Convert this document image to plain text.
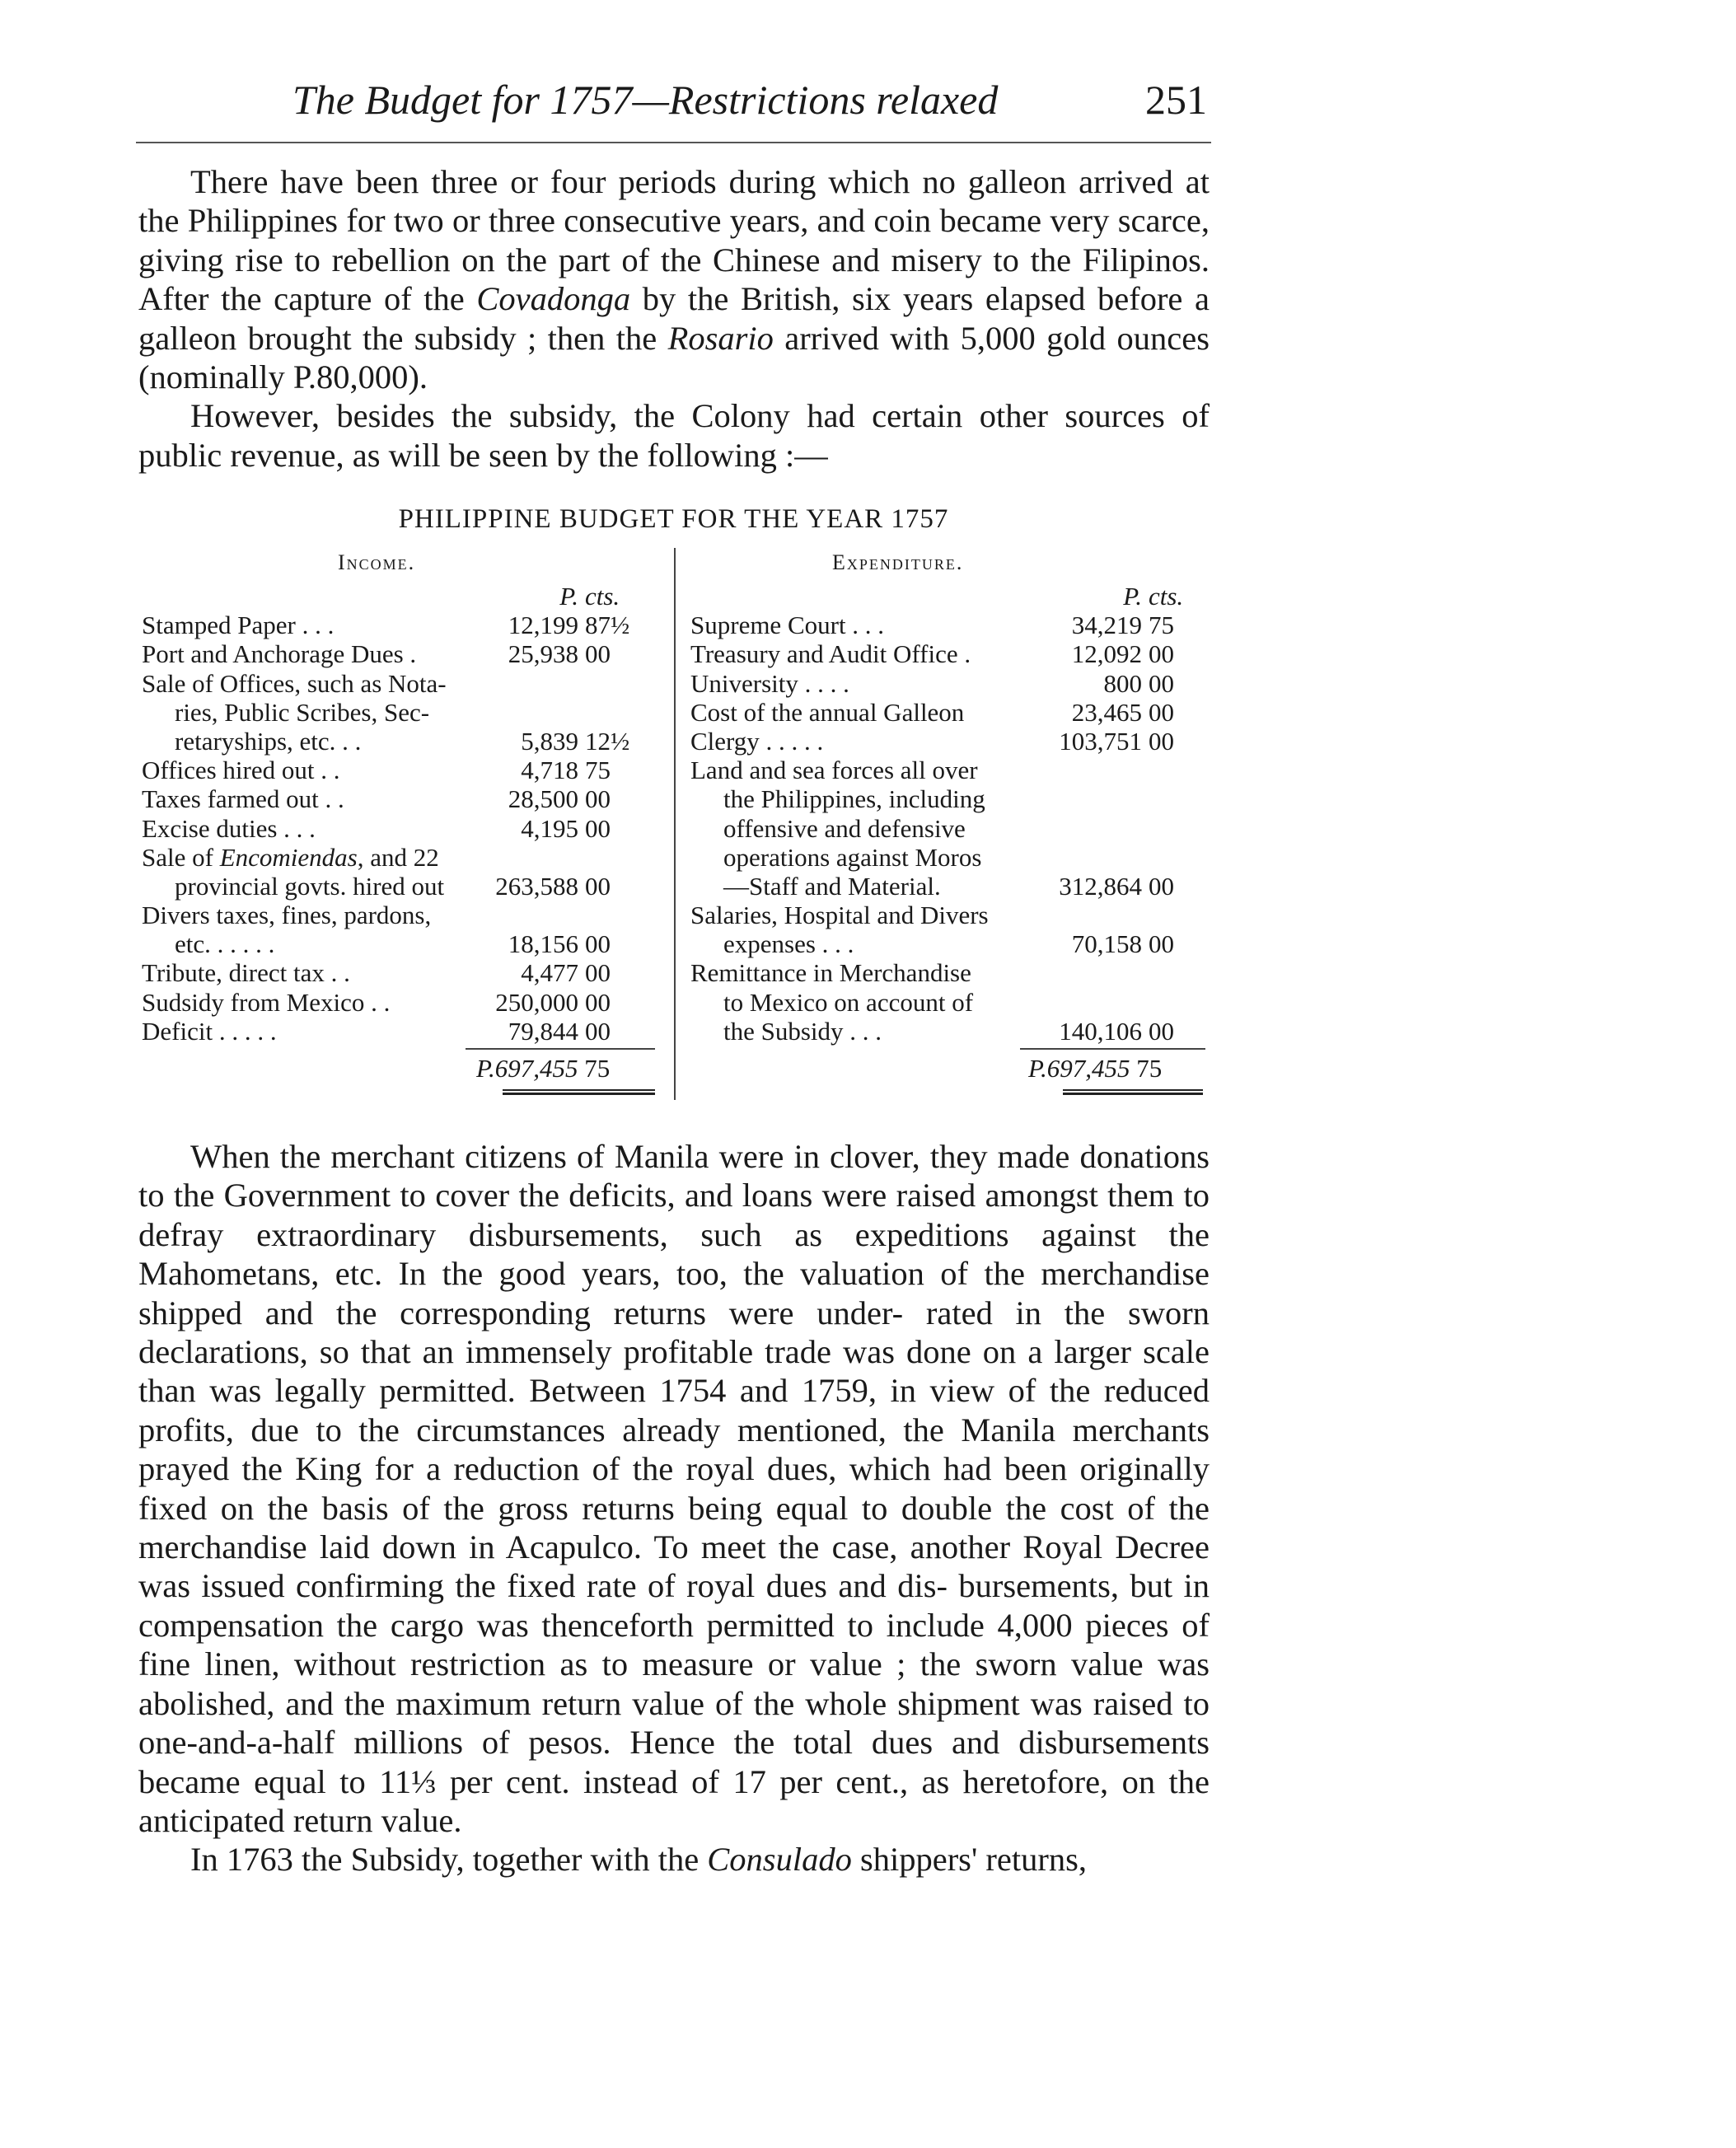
The Budget for 1757—Restrictions relaxed	251

There have been three or four periods during which no galleon arrived at the Philippines for two or three consecutive years, and coin became very scarce, giving rise to rebellion on the part of the Chinese and misery to the Filipinos. After the capture of the Covadonga by the British, six years elapsed before a galleon brought the subsidy ; then the Rosario arrived with 5,000 gold ounces (nominally P.80,000).

However, besides the subsidy, the Colony had certain other sources of public revenue, as will be seen by the following :—

PHILIPPINE BUDGET FOR THE YEAR 1757
Income.	Expenditure.
P. cts.
Stamped Paper . . .	12,199 87½
Port and Anchorage Dues .	25,938 00
Sale of Offices, such as Nota-
ries, Public Scribes, Sec-
retaryships, etc. . .	5,839 12½
Offices hired out . .	4,718 75
Taxes farmed out . .	28,500 00
Excise duties . . .	4,195 00
Sale of Encomiendas, and 22
provincial govts. hired out 263,588 00
Divers taxes, fines, pardons,
etc. . . . . .	18,156 00
Tribute, direct tax . .	4,477 00
Sudsidy from Mexico . .	250,000 00
Deficit . . . . .	79,844 00
P. cts.
Supreme Court . . .	34,219 75
Treasury and Audit Office .	12,092 00
University . . . .	800 00
Cost of the annual Galleon	23,465 00
Clergy . . . . .	103,751 00
Land and sea forces all over
the Philippines, including
offensive and defensive
operations against Moros
—Staff and Material.	312,864 00
Salaries, Hospital and Divers
expenses . . .	70,158 00
Remittance in Merchandise
to Mexico on account of
the Subsidy . . .	140,106 00
P.697,455 75	P.697,455 75

When the merchant citizens of Manila were in clover, they made donations to the Government to cover the deficits, and loans were raised amongst them to defray extraordinary disbursements, such as expeditions against the Mahometans, etc. In the good years, too, the valuation of the merchandise shipped and the corresponding returns were under- rated in the sworn declarations, so that an immensely profitable trade was done on a larger scale than was legally permitted. Between 1754 and 1759, in view of the reduced profits, due to the circumstances already mentioned, the Manila merchants prayed the King for a reduction of the royal dues, which had been originally fixed on the basis of the gross returns being equal to double the cost of the merchandise laid down in Acapulco. To meet the case, another Royal Decree was issued confirming the fixed rate of royal dues and dis- bursements, but in compensation the cargo was thenceforth permitted to include 4,000 pieces of fine linen, without restriction as to measure or value ; the sworn value was abolished, and the maximum return value of the whole shipment was raised to one-and-a-half millions of pesos. Hence the total dues and disbursements became equal to 11⅓ per cent. instead of 17 per cent., as heretofore, on the anticipated return value.

In 1763 the Subsidy, together with the Consulado shippers' returns,
